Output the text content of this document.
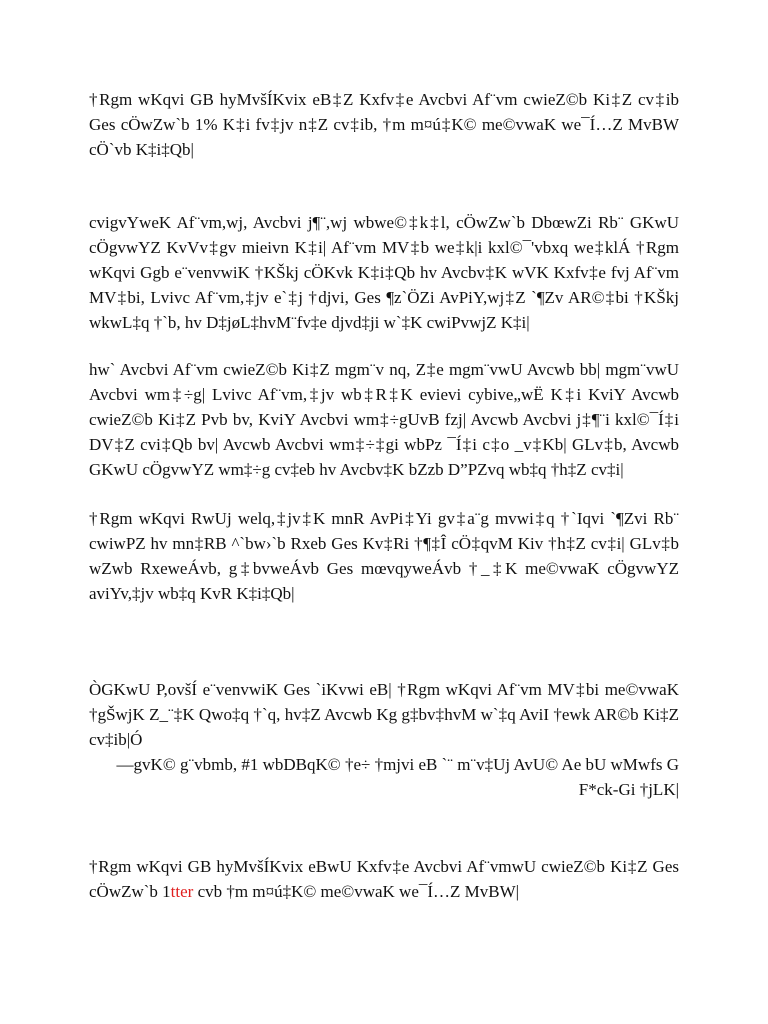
†Rgm wKqvi GB hyMvšÍKvix eB‡Z Kxfv‡e Avcbvi Af¨vm cwieZ©b Ki‡Z cv‡ib Ges cÖwZw`b 1% K‡i fv‡jv n‡Z cv‡ib, †m m¤ú‡K© me©vwaK we¯Í…Z MvBW cÖ`vb K‡i‡Qb|

cvigvYweK Af¨vm,wj, Avcbvi j¶¨,wj wbwe©‡k‡l, cÖwZw`b DbœwZi Rb¨ GKwU cÖgvwYZ KvVv‡gv mieivn K‡i| Af¨vm MV‡b we‡k|i kxl©¯'vbxq we‡klÁ †Rgm wKqvi Ggb e¨venvwiK †KŠkj cÖKvk K‡i‡Qb hv Avcbv‡K wVK Kxfv‡e fvj Af¨vm MV‡bi, Lvivc Af¨vm,‡jv e`‡j †djvi, Ges ¶z`ÖZi AvPiY,wj‡Z `¶Zv AR©‡bi †KŠkj wkwL‡q †`b, hv D‡jøL‡hvM¨fv‡e djvd‡ji w`‡K cwiPvwjZ K‡i|

hw` Avcbvi Af¨vm cwieZ©b Ki‡Z mgm¨v nq, Z‡e mgm¨vwU Avcwb bb| mgm¨vwU Avcbvi wm‡÷g| Lvivc Af¨vm,‡jv wb‡R‡K evievi cybive„wË K‡i KviY Avcwb cwieZ©b Ki‡Z Pvb bv, KviY Avcbvi wm‡÷gUvB fzj| Avcwb Avcbvi j‡¶¨i kxl©¯Í‡i DV‡Z cvi‡Qb bv| Avcwb Avcbvi wm‡÷‡gi wbPz ¯Í‡i c‡o _v‡Kb| GLv‡b, Avcwb GKwU cÖgvwYZ wm‡÷g cv‡eb hv Avcbv‡K bZzb D”PZvq wb‡q †h‡Z cv‡i|

†Rgm wKqvi RwUj welq,‡jv‡K mnR AvPi‡Yi gv‡a¨g mvwi‡q †`Iqvi `¶Zvi Rb¨ cwiwPZ hv mn‡RB ^`bw›`b Rxeb Ges Kv‡Ri †¶‡Î cÖ‡qvM Kiv †h‡Z cv‡i| GLv‡b wZwb RxeweÁvb, g‡bvweÁvb Ges mœvqyweÁvb †_‡K me©vwaK cÖgvwYZ aviYv,‡jv wb‡q KvR K‡i‡Qb|

ÒGKwU P,ovšÍ e¨venvwiK Ges `iKvwi eB| †Rgm wKqvi Af¨vm MV‡bi me©vwaK †gŠwjK Z_¨‡K Qwo‡q †`q, hv‡Z Avcwb Kg g‡bv‡hvM w`‡q AviI †ewk AR©b Ki‡Z cv‡ib|Ó

—gvK© g¨vbmb, #1 wbDBqK© †e÷ †mjvi eB `¨ m¨v‡Uj AvU© Ae bU wMwfs G F*ck-Gi †jLK|

†Rgm wKqvi GB hyMvšÍKvix eBwU Kxfv‡e Avcbvi Af¨vmwU cwieZ©b Ki‡Z Ges cÖwZw`b 1tter cvb †m m¤ú‡K© me©vwaK we¯Í…Z MvBW|
